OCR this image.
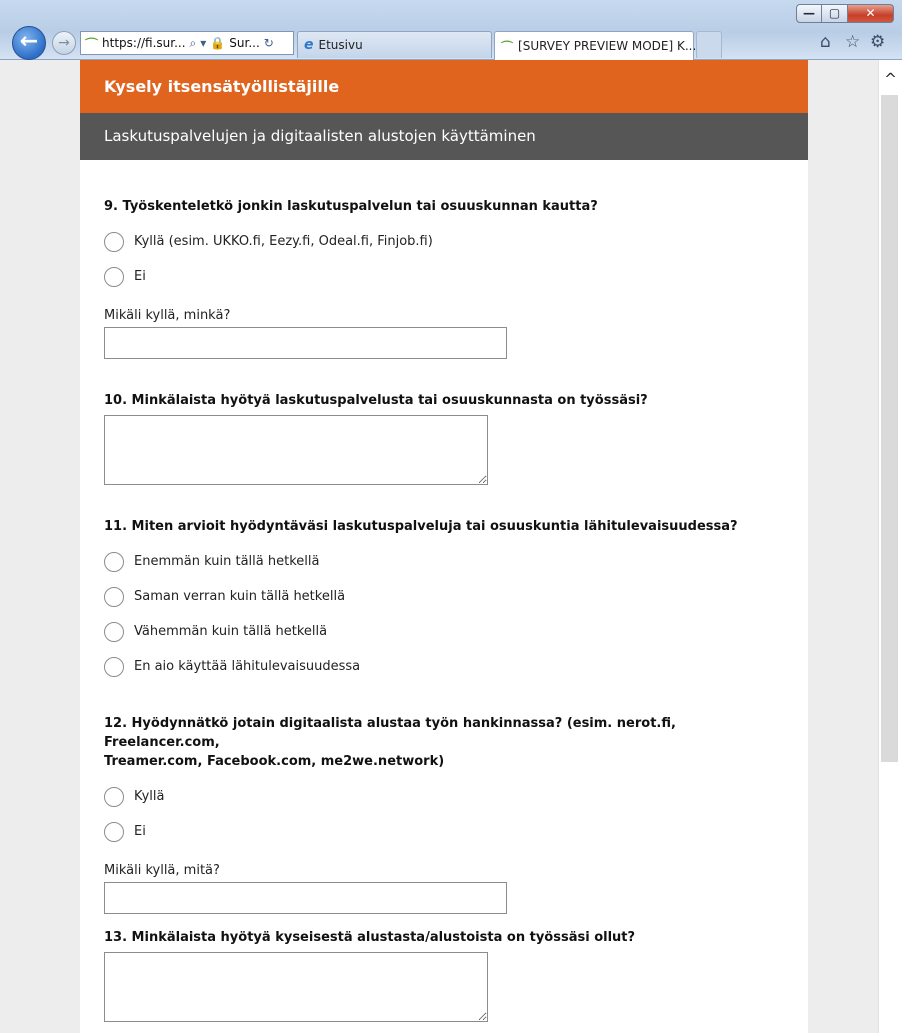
—	▢	✕
←	→	⌒ https://fi.sur... ⌕ ▾ 🔒 Sur... ↻ e Etusivu	⌒ [SURVEY PREVIEW MODE] K...	⌂ ☆ ⚙
Kysely itsensätyöllistäjille
Laskutuspalvelujen ja digitaalisten alustojen käyttäminen
9. Työskenteletkö jonkin laskutuspalvelun tai osuuskunnan kautta?
Kyllä (esim. UKKO.fi, Eezy.fi, Odeal.fi, Finjob.fi)
Ei
Mikäli kyllä, minkä?
10. Minkälaista hyötyä laskutuspalvelusta tai osuuskunnasta on työssäsi?
11. Miten arvioit hyödyntäväsi laskutuspalveluja tai osuuskuntia lähitulevaisuudessa?
Enemmän kuin tällä hetkellä
Saman verran kuin tällä hetkellä
Vähemmän kuin tällä hetkellä
En aio käyttää lähitulevaisuudessa
12. Hyödynnätkö jotain digitaalista alustaa työn hankinnassa? (esim. nerot.fi, Freelancer.com,
Treamer.com, Facebook.com, me2we.network)
Kyllä
Ei
Mikäli kyllä, mitä?
13. Minkälaista hyötyä kyseisestä alustasta/alustoista on työssäsi ollut?
^
